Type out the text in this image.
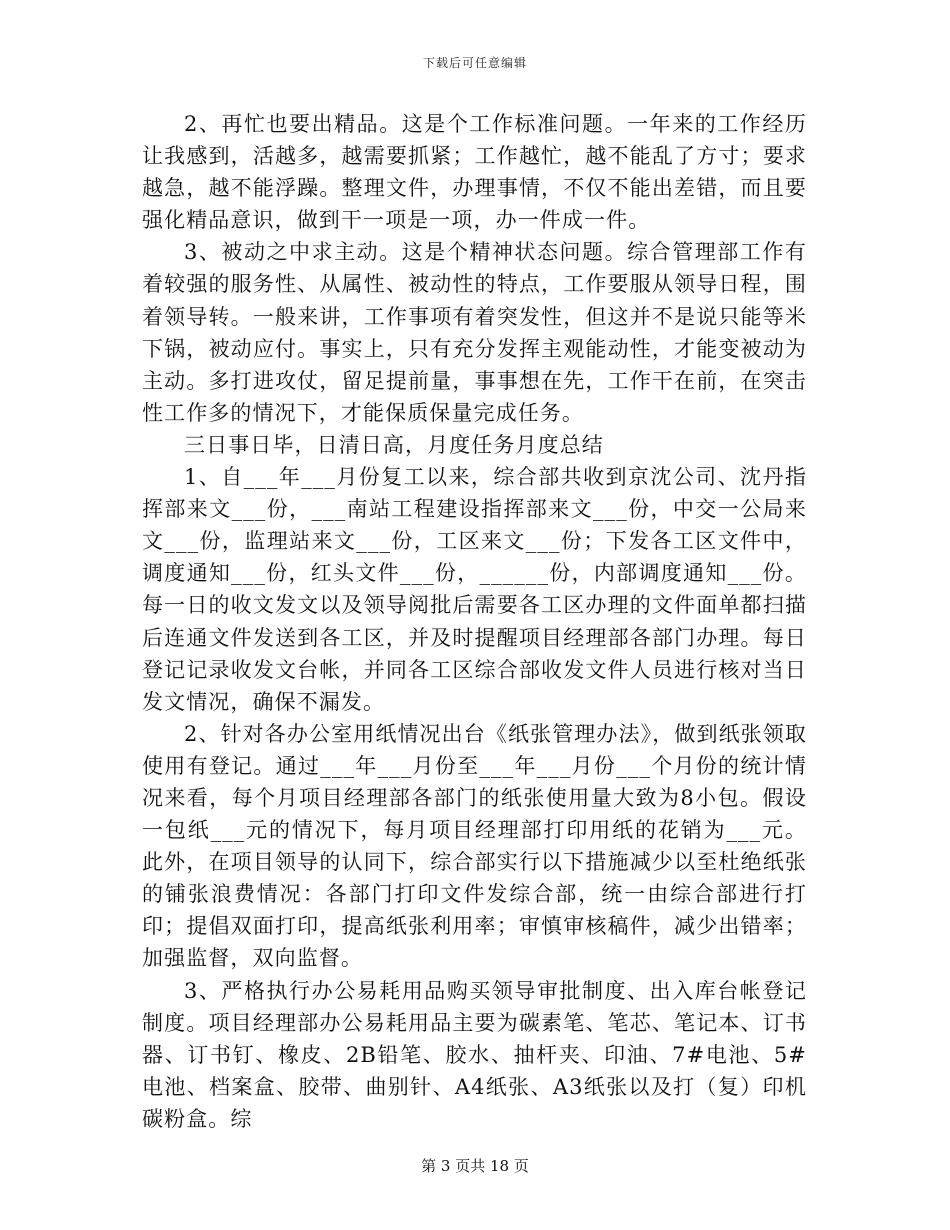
下载后可任意编辑

2、再忙也要出精品。这是个工作标准问题。一年来的工作经历让我感到，活越多，越需要抓紧；工作越忙，越不能乱了方寸；要求越急，越不能浮躁。整理文件，办理事情，不仅不能出差错，而且要强化精品意识，做到干一项是一项，办一件成一件。

3、被动之中求主动。这是个精神状态问题。综合管理部工作有着较强的服务性、从属性、被动性的特点，工作要服从领导日程，围着领导转。一般来讲，工作事项有着突发性，但这并不是说只能等米下锅，被动应付。事实上，只有充分发挥主观能动性，才能变被动为主动。多打进攻仗，留足提前量，事事想在先，工作干在前，在突击性工作多的情况下，才能保质保量完成任务。

三日事日毕，日清日高，月度任务月度总结

1、自___年___月份复工以来，综合部共收到京沈公司、沈丹指挥部来文___份，___南站工程建设指挥部来文___份，中交一公局来文___份，监理站来文___份，工区来文___份；下发各工区文件中，调度通知___份，红头文件___份，______份，内部调度通知___份。每一日的收文发文以及领导阅批后需要各工区办理的文件面单都扫描后连通文件发送到各工区，并及时提醒项目经理部各部门办理。每日登记记录收发文台帐，并同各工区综合部收发文件人员进行核对当日发文情况，确保不漏发。

2、针对各办公室用纸情况出台《纸张管理办法》，做到纸张领取使用有登记。通过___年___月份至___年___月份___个月份的统计情况来看，每个月项目经理部各部门的纸张使用量大致为8小包。假设一包纸___元的情况下，每月项目经理部打印用纸的花销为___元。此外，在项目领导的认同下，综合部实行以下措施减少以至杜绝纸张的铺张浪费情况：各部门打印文件发综合部，统一由综合部进行打印；提倡双面打印，提高纸张利用率；审慎审核稿件，减少出错率；加强监督，双向监督。

3、严格执行办公易耗用品购买领导审批制度、出入库台帐登记制度。项目经理部办公易耗用品主要为碳素笔、笔芯、笔记本、订书器、订书钉、橡皮、2B铅笔、胶水、抽杆夹、印油、7#电池、5#电池、档案盒、胶带、曲别针、A4纸张、A3纸张以及打（复）印机碳粉盒。综

第 3 页共 18 页
